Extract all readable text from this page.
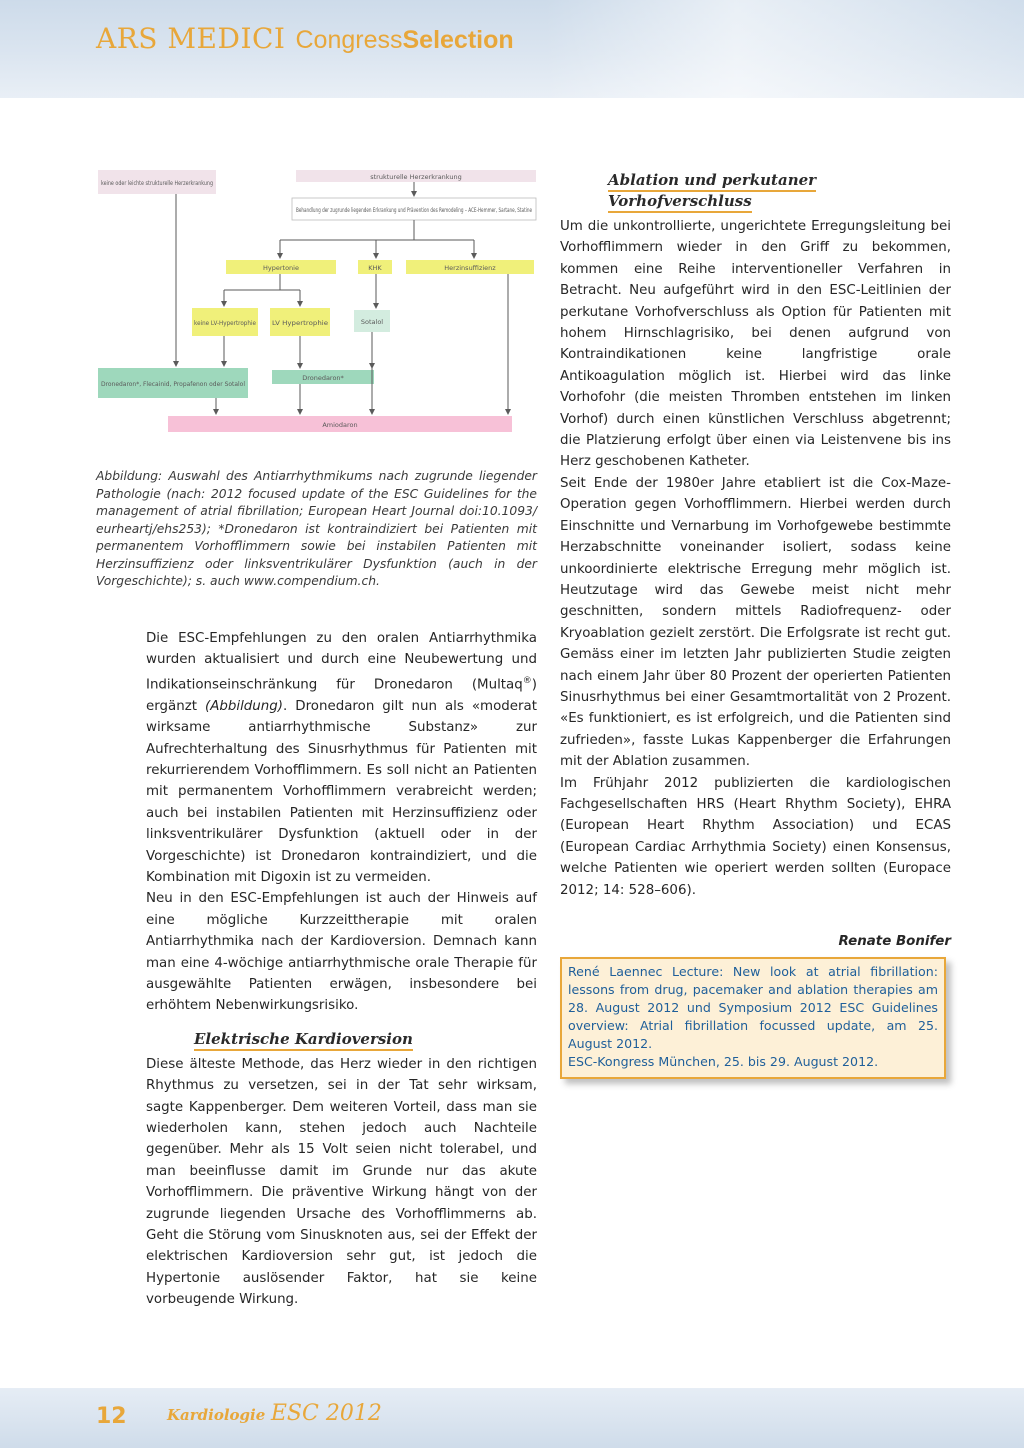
ARS MEDICI Congress Selection
keine oder leichte strukturelle Herzerkrankung
strukturelle Herzerkrankung
Behandlung der zugrunde liegenden Erkrankung und Prävention des Remodeling – ACE-Hemmer, Sartane, Statine
Hypertonie	KHK	Herzinsuffizienz
keine LV-Hypertrophie LV Hypertrophie	Sotalol
Dronedaron*, Flecainid, Propafenon oder Sotalol
Dronedaron*
Amiodaron

Abbildung: Auswahl des Antiarrhythmikums nach zugrunde liegender Pathologie (nach: 2012 focused update of the ESC Guidelines for the management of atrial fibrillation; European Heart Journal doi:10.1093/ eurheartj/ehs253); *Dronedaron ist kontraindiziert bei Patienten mit permanentem Vorhofflimmern sowie bei instabilen Patienten mit Herzinsuffizienz oder linksventrikulärer Dysfunktion (auch in der Vorgeschichte); s. auch www.compendium.ch.

Die ESC-Empfehlungen zu den oralen Antiarrhythmika wurden aktualisiert und durch eine Neubewertung und Indikationseinschränkung für Dronedaron (Multaq®) ergänzt (Abbildung). Dronedaron gilt nun als «moderat wirksame antiarrhythmische Substanz» zur Aufrechterhaltung des Sinusrhythmus für Patienten mit rekurrierendem Vorhofflimmern. Es soll nicht an Patienten mit permanentem Vorhofflimmern verabreicht werden; auch bei instabilen Patienten mit Herzinsuffizienz oder linksventrikulärer Dysfunktion (aktuell oder in der Vorgeschichte) ist Dronedaron kontraindiziert, und die Kombination mit Digoxin ist zu vermeiden.

Neu in den ESC-Empfehlungen ist auch der Hinweis auf eine mögliche Kurzzeittherapie mit oralen Antiarrhythmika nach der Kardioversion. Demnach kann man eine 4-wöchige antiarrhythmische orale Therapie für ausgewählte Patienten erwägen, insbesondere bei erhöhtem Nebenwirkungsrisiko.

Elektrische Kardioversion

Diese älteste Methode, das Herz wieder in den richtigen Rhythmus zu versetzen, sei in der Tat sehr wirksam, sagte Kappenberger. Dem weiteren Vorteil, dass man sie wiederholen kann, stehen jedoch auch Nachteile gegenüber. Mehr als 15 Volt seien nicht tolerabel, und man beeinflusse damit im Grunde nur das akute Vorhofflimmern. Die präventive Wirkung hängt von der zugrunde liegenden Ursache des Vorhofflimmerns ab. Geht die Störung vom Sinusknoten aus, sei der Effekt der elektrischen Kardioversion sehr gut, ist jedoch die Hypertonie auslösender Faktor, hat sie keine vorbeugende Wirkung.

Ablation und perkutaner
Vorhofverschluss

Um die unkontrollierte, ungerichtete Erregungsleitung bei Vorhofflimmern wieder in den Griff zu bekommen, kommen eine Reihe interventioneller Verfahren in Betracht. Neu aufgeführt wird in den ESC-Leitlinien der perkutane Vorhofverschluss als Option für Patienten mit hohem Hirnschlagrisiko, bei denen aufgrund von Kontraindikationen keine langfristige orale Antikoagulation möglich ist. Hierbei wird das linke Vorhofohr (die meisten Thromben entstehen im linken Vorhof) durch einen künstlichen Verschluss abgetrennt; die Platzierung erfolgt über einen via Leistenvene bis ins Herz geschobenen Katheter.

Seit Ende der 1980er Jahre etabliert ist die Cox-Maze-Operation gegen Vorhofflimmern. Hierbei werden durch Einschnitte und Vernarbung im Vorhofgewebe bestimmte Herzabschnitte voneinander isoliert, sodass keine unkoordinierte elektrische Erregung mehr möglich ist. Heutzutage wird das Gewebe meist nicht mehr geschnitten, sondern mittels Radiofrequenz- oder Kryoablation gezielt zerstört. Die Erfolgsrate ist recht gut. Gemäss einer im letzten Jahr publizierten Studie zeigten nach einem Jahr über 80 Prozent der operierten Patienten Sinusrhythmus bei einer Gesamtmortalität von 2 Prozent. «Es funktioniert, es ist erfolgreich, und die Patienten sind zufrieden», fasste Lukas Kappenberger die Erfahrungen mit der Ablation zusammen.

Im Frühjahr 2012 publizierten die kardiologischen Fachgesellschaften HRS (Heart Rhythm Society), EHRA (European Heart Rhythm Association) und ECAS (European Cardiac Arrhythmia Society) einen Konsensus, welche Patienten wie operiert werden sollten (Europace 2012; 14: 528–606).

Renate Bonifer

René Laennec Lecture: New look at atrial fibrillation: lessons from drug, pacemaker and ablation therapies am 28. August 2012 und Symposium 2012 ESC Guidelines overview: Atrial fibrillation focussed update, am 25. August 2012.

ESC-Kongress München, 25. bis 29. August 2012.

12	Kardiologie ESC 2012
